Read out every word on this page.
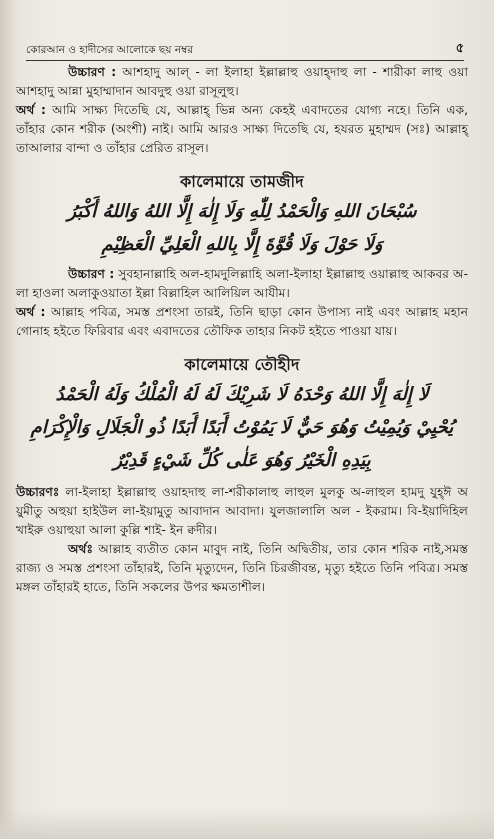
কোরআন ও হাদীসের আলোকে ছয় নম্বর	৫

উচ্চারণ : আশহাদু আল্ - লা ইলাহা ইল্লাল্লাহু ওয়াহ্দাহু লা - শারীকা লাহু ওয়া আশহাদু আন্না মুহাম্মাদান আবদুহু ওয়া রাসূলুহু।

অর্থ : আমি সাক্ষ্য দিতেছি যে, আল্লাহ্ ভিন্ন অন্য কেহই এবাদতের যোগ্য নহে। তিনি এক, তাঁহার কোন শরীক (অংশী) নাই। আমি আরও সাক্ষ্য দিতেছি যে, হযরত মুহাম্মদ (সঃ) আল্লাহ্ তাআলার বান্দা ও তাঁহার প্রেরিত রাসূল।

কালেমায়ে তামজীদ
سُبْحَانَ اللهِ وَالْحَمْدُ لِلّٰهِ وَلَا إِلٰهَ إِلَّا اللهُ وَاللهُ أَكْبَرُ
وَلَا حَوْلَ وَلَا قُوَّةَ إِلَّا بِاللهِ الْعَلِيِّ الْعَظِيْمِ

উচ্চারণ : সুবহানাল্লাহি অল-হামদুলিল্লাহি অলা-ইলাহা ইল্লাল্লাহু ওয়াল্লাহু আকবর অ-লা হাওলা অলাকুওয়াতা ইল্লা বিল্লাহিল আলিয়িল আযীম।

অর্থ : আল্লাহ পবিত্র, সমস্ত প্রশংসা তারই, তিনি ছাড়া কোন উপাস্য নাই এবং আল্লাহ মহান গোনাহ হইতে ফিরিবার এবং এবাদতের তৌফিক তাহার নিকট হইতে পাওয়া যায়।

কালেমায়ে তৌহীদ
لَا إِلٰهَ إِلَّا اللهُ وَحْدَهُ لَا شَرِيْكَ لَهُ لَهُ الْمُلْكُ وَلَهُ الْحَمْدُ
يُحْيِيْ وَيُمِيْتُ وَهُوَ حَيٌّ لَا يَمُوْتُ أَبَدًا أَبَدًا ذُو الْجَلَالِ وَالْإِكْرَامِ
بِيَدِهِ الْخَيْرُ وَهُوَ عَلٰى كُلِّ شَيْءٍ قَدِيْرٌ

উচ্চারণঃ লা-ইলাহা ইল্লাল্লাহু ওয়াহদাহু লা-শরীকালাহু লাহুল মুলকু অ-লাহুল হামদু যুহ্ঈ অ য়ুমীতু অহুয়া হাইউল লা-ইয়ামুতু আবাদান আবাদা। যুলজালালি অল - ইকরাম। বি-ইয়াদিহিল খাইরু ওয়াহুয়া আলা কুল্লি শাই- ইন ক্বদীর।

অর্থঃ আল্লাহ ব্যতীত কোন মাবুদ নাই, তিনি অদ্বিতীয়, তার কোন শরিক নাই,সমস্ত রাজ্য ও সমস্ত প্রশংসা তাঁহারই, তিনি মৃত্যুদেন, তিনি চিরজীবন্ত, মৃত্যু হইতে তিনি পবিত্র। সমস্ত মঙ্গল তাঁহারই হাতে, তিনি সকলের উপর ক্ষমতাশীল।
